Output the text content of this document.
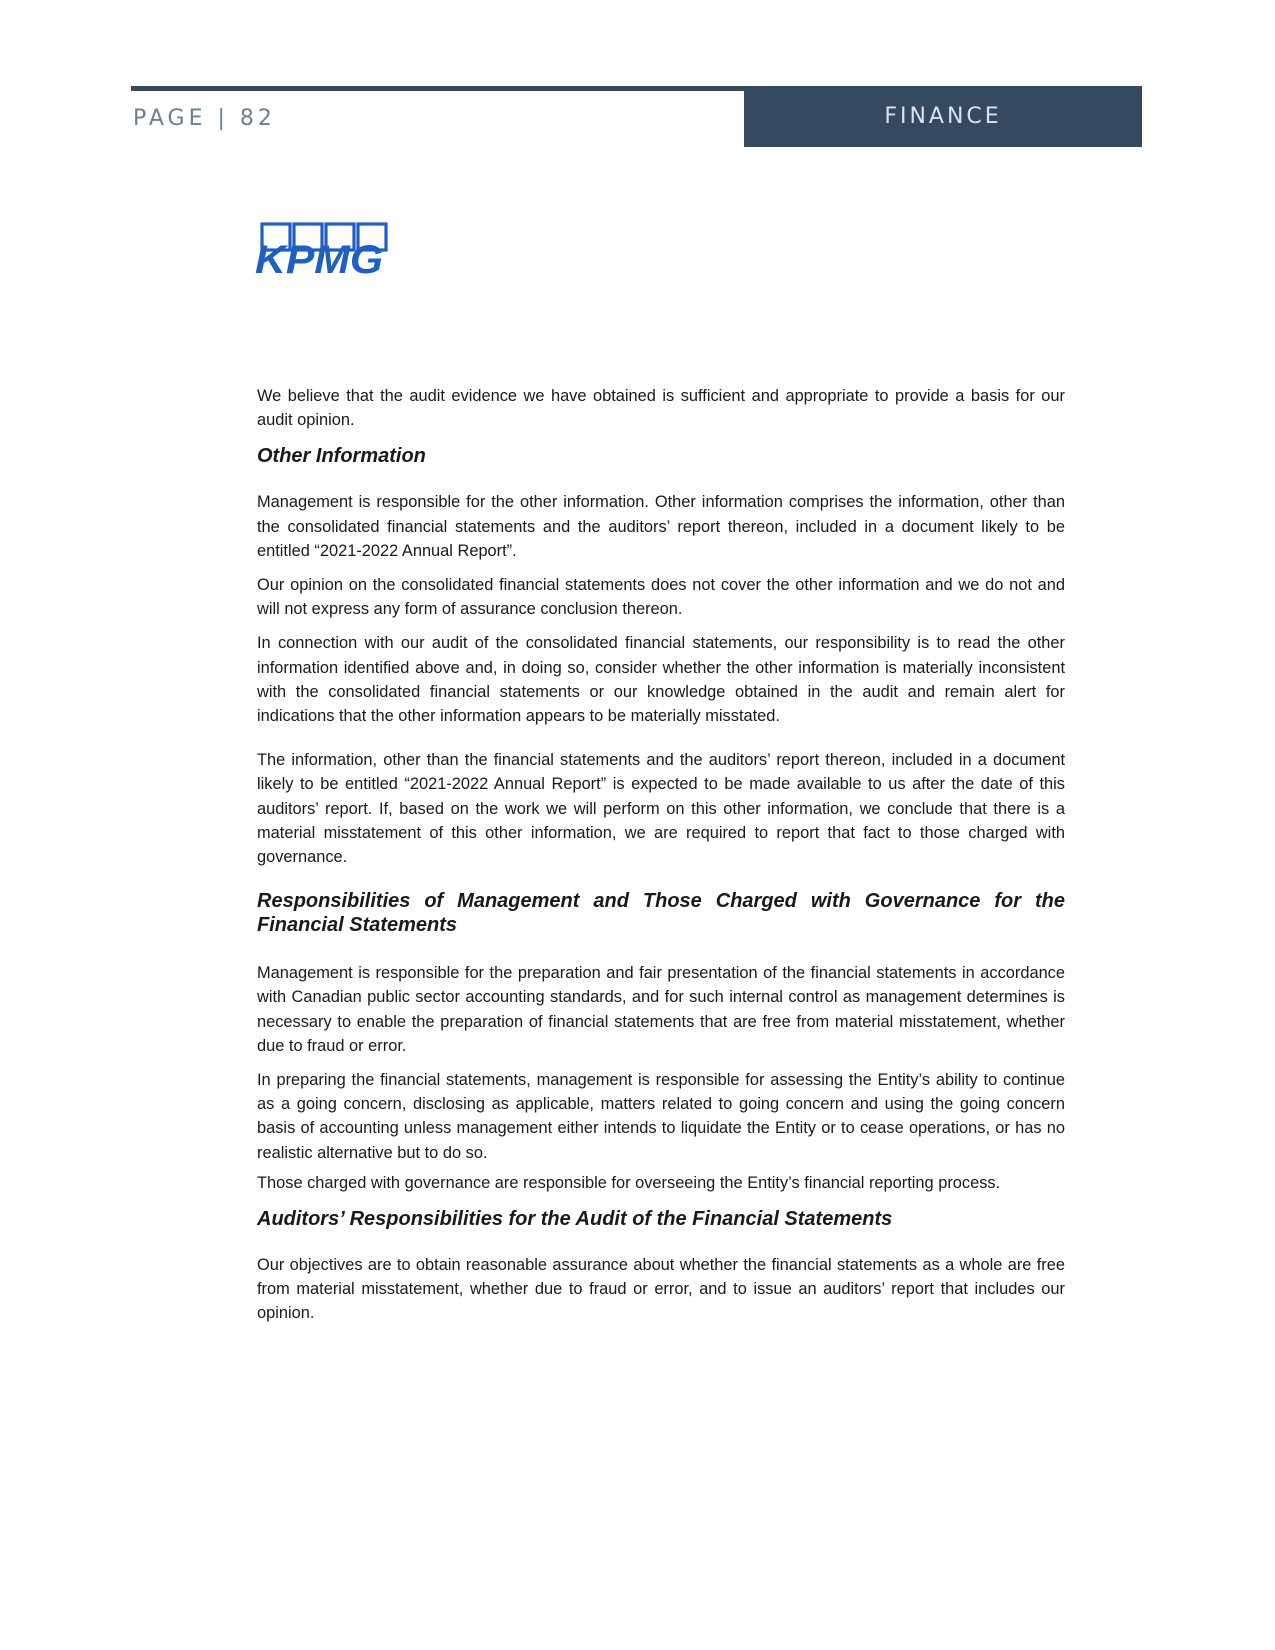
PAGE | 82	FINANCE
KPMG

We believe that the audit evidence we have obtained is sufficient and appropriate to provide a basis for our audit opinion.

Other Information

Management is responsible for the other information. Other information comprises the information, other than the consolidated financial statements and the auditors’ report thereon, included in a document likely to be entitled “2021-2022 Annual Report”.

Our opinion on the consolidated financial statements does not cover the other information and we do not and will not express any form of assurance conclusion thereon.

In connection with our audit of the consolidated financial statements, our responsibility is to read the other information identified above and, in doing so, consider whether the other information is materially inconsistent with the consolidated financial statements or our knowledge obtained in the audit and remain alert for indications that the other information appears to be materially misstated.

The information, other than the financial statements and the auditors’ report thereon, included in a document likely to be entitled “2021-2022 Annual Report” is expected to be made available to us after the date of this auditors’ report. If, based on the work we will perform on this other information, we conclude that there is a material misstatement of this other information, we are required to report that fact to those charged with governance.

Responsibilities of Management and Those Charged with Governance for the Financial Statements

Management is responsible for the preparation and fair presentation of the financial statements in accordance with Canadian public sector accounting standards, and for such internal control as management determines is necessary to enable the preparation of financial statements that are free from material misstatement, whether due to fraud or error.

In preparing the financial statements, management is responsible for assessing the Entity’s ability to continue as a going concern, disclosing as applicable, matters related to going concern and using the going concern basis of accounting unless management either intends to liquidate the Entity or to cease operations, or has no realistic alternative but to do so.

Those charged with governance are responsible for overseeing the Entity’s financial reporting process.

Auditors’ Responsibilities for the Audit of the Financial Statements

Our objectives are to obtain reasonable assurance about whether the financial statements as a whole are free from material misstatement, whether due to fraud or error, and to issue an auditors’ report that includes our opinion.
